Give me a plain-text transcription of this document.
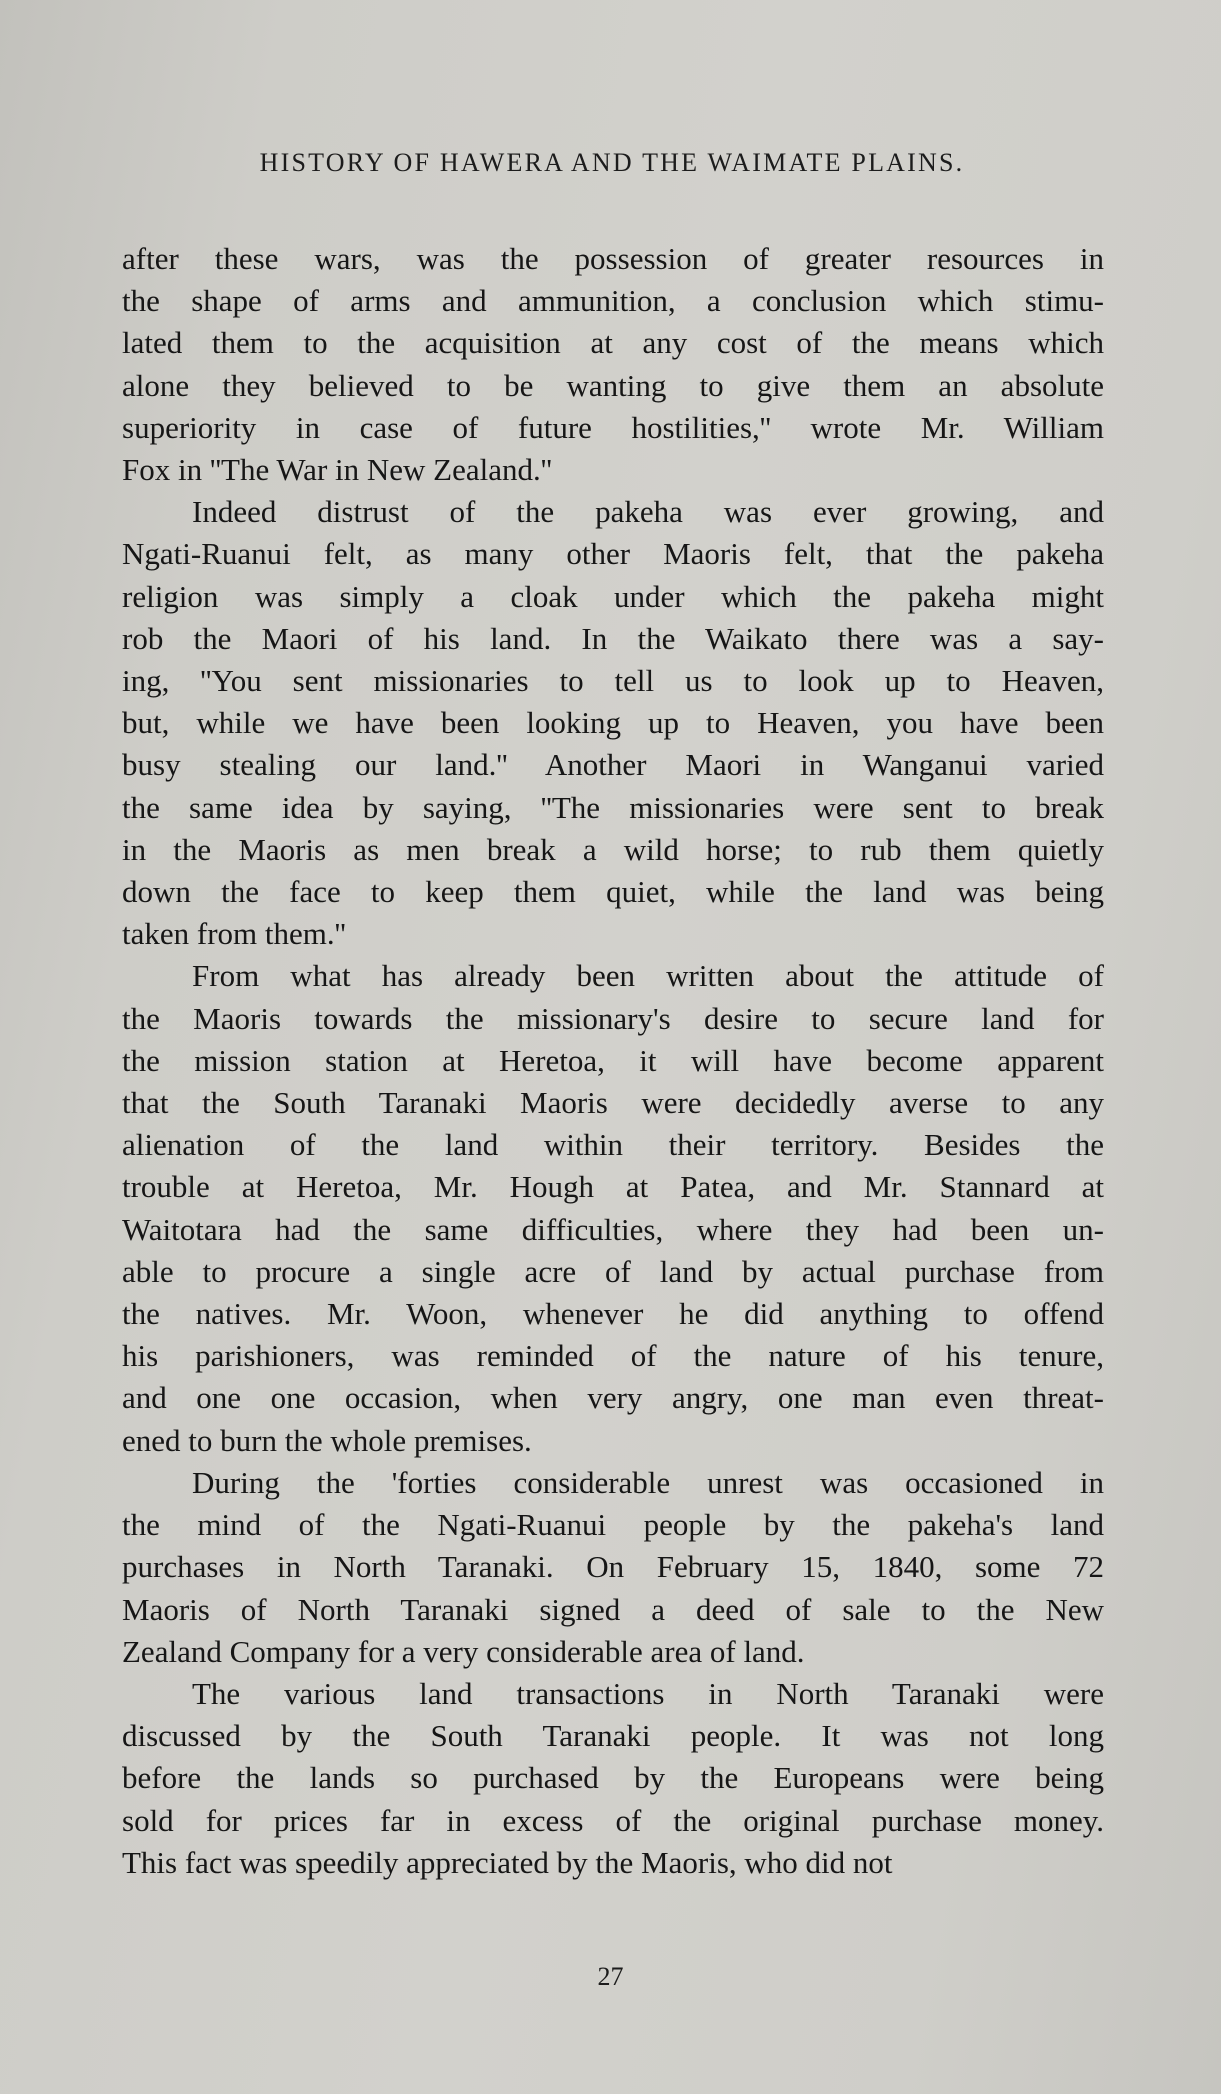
HISTORY OF HAWERA AND THE WAIMATE PLAINS.
after these wars, was the possession of greater resources in
the shape of arms and ammunition, a conclusion which stimu-
lated them to the acquisition at any cost of the means which
alone they believed to be wanting to give them an absolute
superiority in case of future hostilities,'' wrote Mr. William
Fox in ''The War in New Zealand.''
Indeed distrust of the pakeha was ever growing, and
Ngati-Ruanui felt, as many other Maoris felt, that the pakeha
religion was simply a cloak under which the pakeha might
rob the Maori of his land. In the Waikato there was a say-
ing, ''You sent missionaries to tell us to look up to Heaven,
but, while we have been looking up to Heaven, you have been
busy stealing our land.'' Another Maori in Wanganui varied
the same idea by saying, ''The missionaries were sent to break
in the Maoris as men break a wild horse; to rub them quietly
down the face to keep them quiet, while the land was being
taken from them.''
From what has already been written about the attitude of
the Maoris towards the missionary's desire to secure land for
the mission station at Heretoa, it will have become apparent
that the South Taranaki Maoris were decidedly averse to any
alienation of the land within their territory. Besides the
trouble at Heretoa, Mr. Hough at Patea, and Mr. Stannard at
Waitotara had the same difficulties, where they had been un-
able to procure a single acre of land by actual purchase from
the natives. Mr. Woon, whenever he did anything to offend
his parishioners, was reminded of the nature of his tenure,
and one one occasion, when very angry, one man even threat-
ened to burn the whole premises.
During the 'forties considerable unrest was occasioned in
the mind of the Ngati-Ruanui people by the pakeha's land
purchases in North Taranaki. On February 15, 1840, some 72
Maoris of North Taranaki signed a deed of sale to the New
Zealand Company for a very considerable area of land.
The various land transactions in North Taranaki were
discussed by the South Taranaki people. It was not long
before the lands so purchased by the Europeans were being
sold for prices far in excess of the original purchase money.
This fact was speedily appreciated by the Maoris, who did not
27
